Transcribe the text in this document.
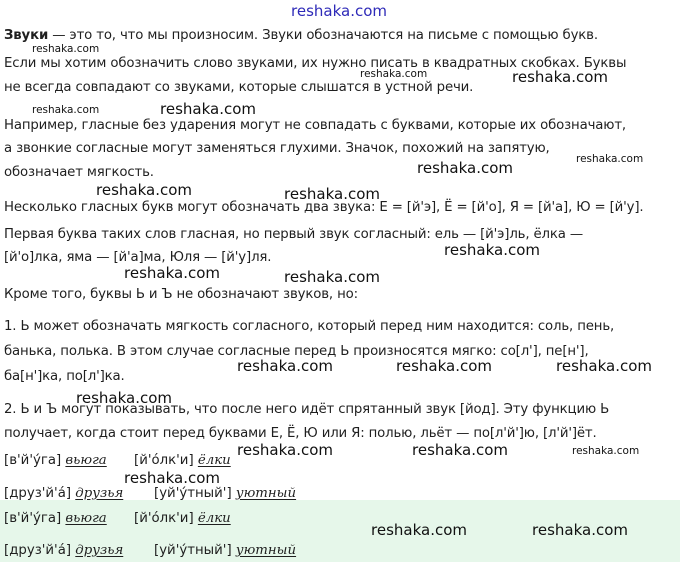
reshaka.com
Звуки — это то, что мы произносим. Звуки обозначаются на письме с помощью букв.
Если мы хотим обозначить слово звуками, их нужно писать в квадратных скобках. Буквы
не всегда совпадают со звуками, которые слышатся в устной речи.
Например, гласные без ударения могут не совпадать с буквами, которые их обозначают,
а звонкие согласные могут заменяться глухими. Значок, похожий на запятую,
обозначает мягкость.
Несколько гласных букв могут обозначать два звука: Е = [й'э], Ё = [й'о], Я = [й'а], Ю = [й'у].
Первая буква таких слов гласная, но первый звук согласный: ель — [й'э]ль, ёлка —
[й'о]лка, яма — [й'а]ма, Юля — [й'у]ля.
Кроме того, буквы Ь и Ъ не обозначают звуков, но:
1. Ь может обозначать мягкость согласного, который перед ним находится: соль, пень,
банька, полька. В этом случае согласные перед Ь произносятся мягко: со[л'], пе[н'],
ба[н']ка, по[л']ка.
2. Ь и Ъ могут показывать, что после него идёт спрятанный звук [йод]. Эту функцию Ь
получает, когда стоит перед буквами Е, Ё, Ю или Я: полью, льёт — по[л'й']ю, [л'й']ёт.
[в'й'ýга] вьюга [й'óлк'и] ёлки
[друз'й'á] друзья [уй'ýтный'] уютный
[в'й'ýга] вьюга [й'óлк'и] ёлки
[друз'й'á] друзья [уй'ýтный'] уютный
reshaka.com
reshaka.com	reshaka.com
reshaka.com	reshaka.com
reshaka.com	reshaka.com
reshaka.com	reshaka.com
reshaka.com
reshaka.com	reshaka.com
reshaka.com	reshaka.com	reshaka.com
reshaka.com
reshaka.com	reshaka.com	reshaka.com
reshaka.com
reshaka.com	reshaka.com
